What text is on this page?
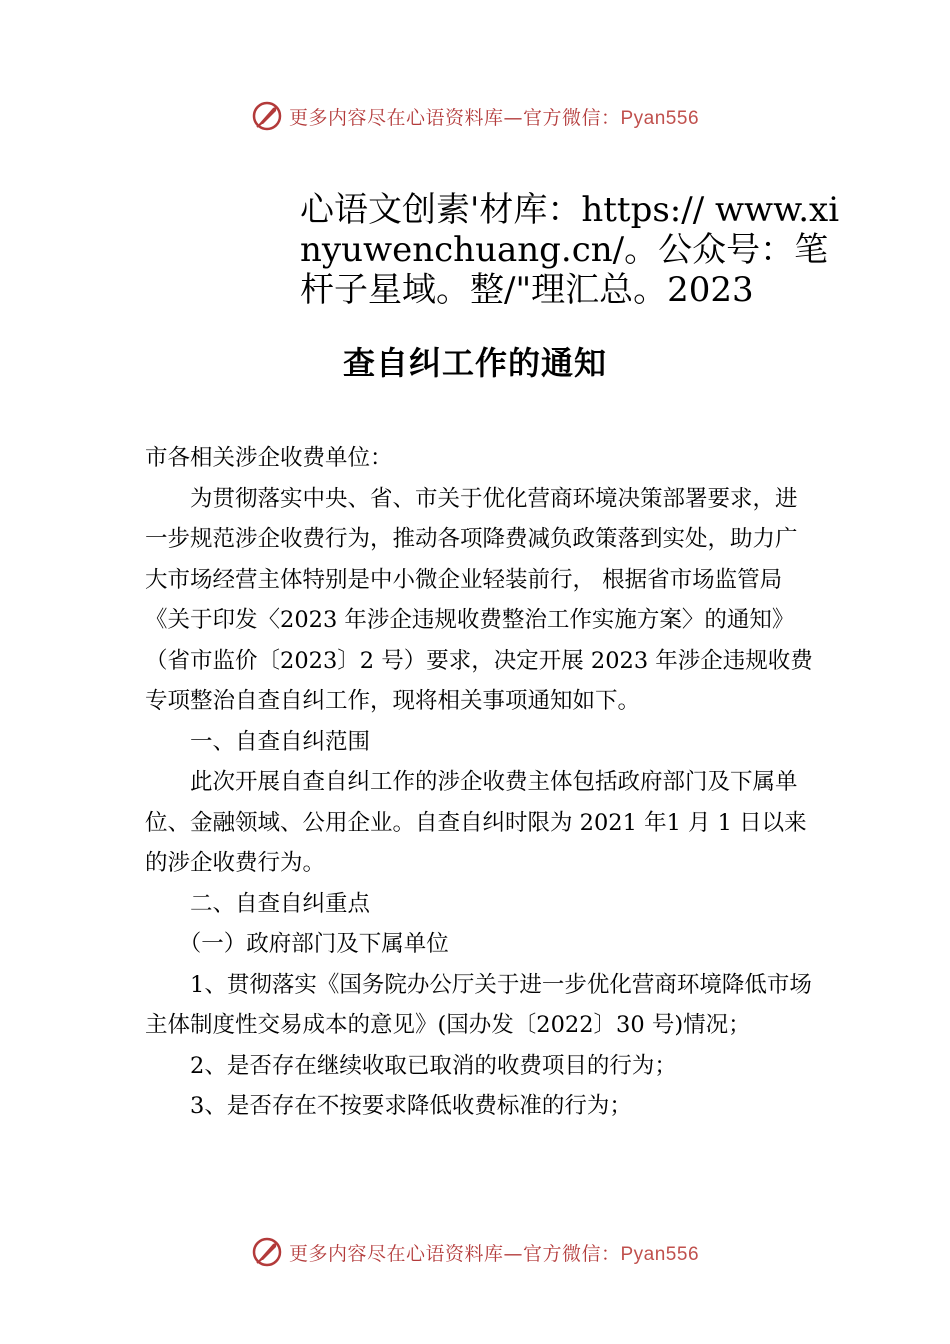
更多内容尽在心语资料库—官方微信：Pyan556
心语文创素'材库：https:// www.xinyuwenchuang.cn/。公众号：笔杆子星域。整/"理汇总。2023
查自纠工作的通知

市各相关涉企收费单位：

为贯彻落实中央、省、市关于优化营商环境决策部署要求，进一步规范涉企收费行为，推动各项降费减负政策落到实处，助力广大市场经营主体特别是中小微企业轻装前行， 根据省市场监管局《关于印发〈2023 年涉企违规收费整治工作实施方案〉的通知》（省市监价〔2023〕2 号）要求，决定开展 2023 年涉企违规收费专项整治自查自纠工作，现将相关事项通知如下。

一、自查自纠范围

此次开展自查自纠工作的涉企收费主体包括政府部门及下属单位、金融领域、公用企业。自查自纠时限为 2021 年1 月 1 日以来的涉企收费行为。

二、自查自纠重点

（一）政府部门及下属单位

1、贯彻落实《国务院办公厅关于进一步优化营商环境降低市场主体制度性交易成本的意见》(国办发〔2022〕30 号)情况；

2、是否存在继续收取已取消的收费项目的行为；

3、是否存在不按要求降低收费标准的行为；

更多内容尽在心语资料库—官方微信：Pyan556
